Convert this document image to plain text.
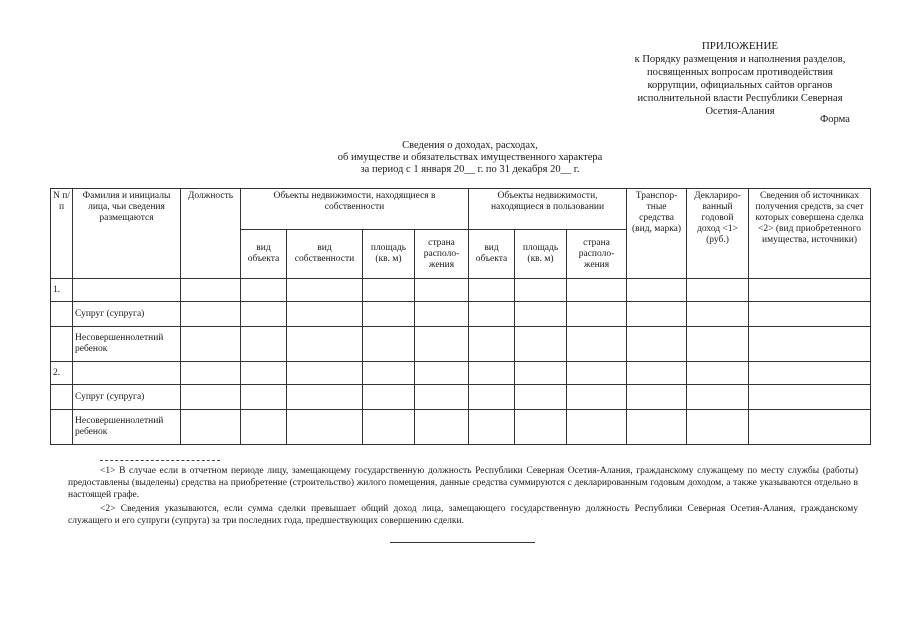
ПРИЛОЖЕНИЕ
к Порядку размещения и наполнения разделов,
посвященных вопросам противодействия
коррупции, официальных сайтов органов
исполнительной власти Республики Северная
Осетия-Алания
Форма
Сведения о доходах, расходах,
об имуществе и обязательствах имущественного характера
за период с 1 января 20__ г. по 31 декабря 20__ г.
N п/п	Фамилия и инициалы лица, чьи сведения размещаются	Должность	Объекты недвижимости, находящиеся в собственности				Объекты недвижимости, находящиеся в пользовании			Транспор-тные средства (вид, марка)	Деклариро-ванный годовой доход <1> (руб.)	Сведения об источниках получения средств, за счет которых совершена сделка <2> (вид приобретенного имущества, источники)
			вид объекта	вид собственности	площадь (кв. м)	страна располо-жения	вид объекта	площадь (кв. м)	страна располо-жения			
1.												
	Супруг (супруга)											
	Несовершеннолетний ребенок											
2.												
	Супруг (супруга)											
	Несовершеннолетний ребенок											

<1> В случае если в отчетном периоде лицу, замещающему государственную должность Республики Северная Осетия-Алания, гражданскому служащему по месту службы (работы) предоставлены (выделены) средства на приобретение (строительство) жилого помещения, данные средства суммируются с декларированным годовым доходом, а также указываются отдельно в настоящей графе.

<2> Сведения указываются, если сумма сделки превышает общий доход лица, замещающего государственную должность Республики Северная Осетия-Алания, гражданскому служащего и его супруги (супруга) за три последних года, предшествующих совершению сделки.
